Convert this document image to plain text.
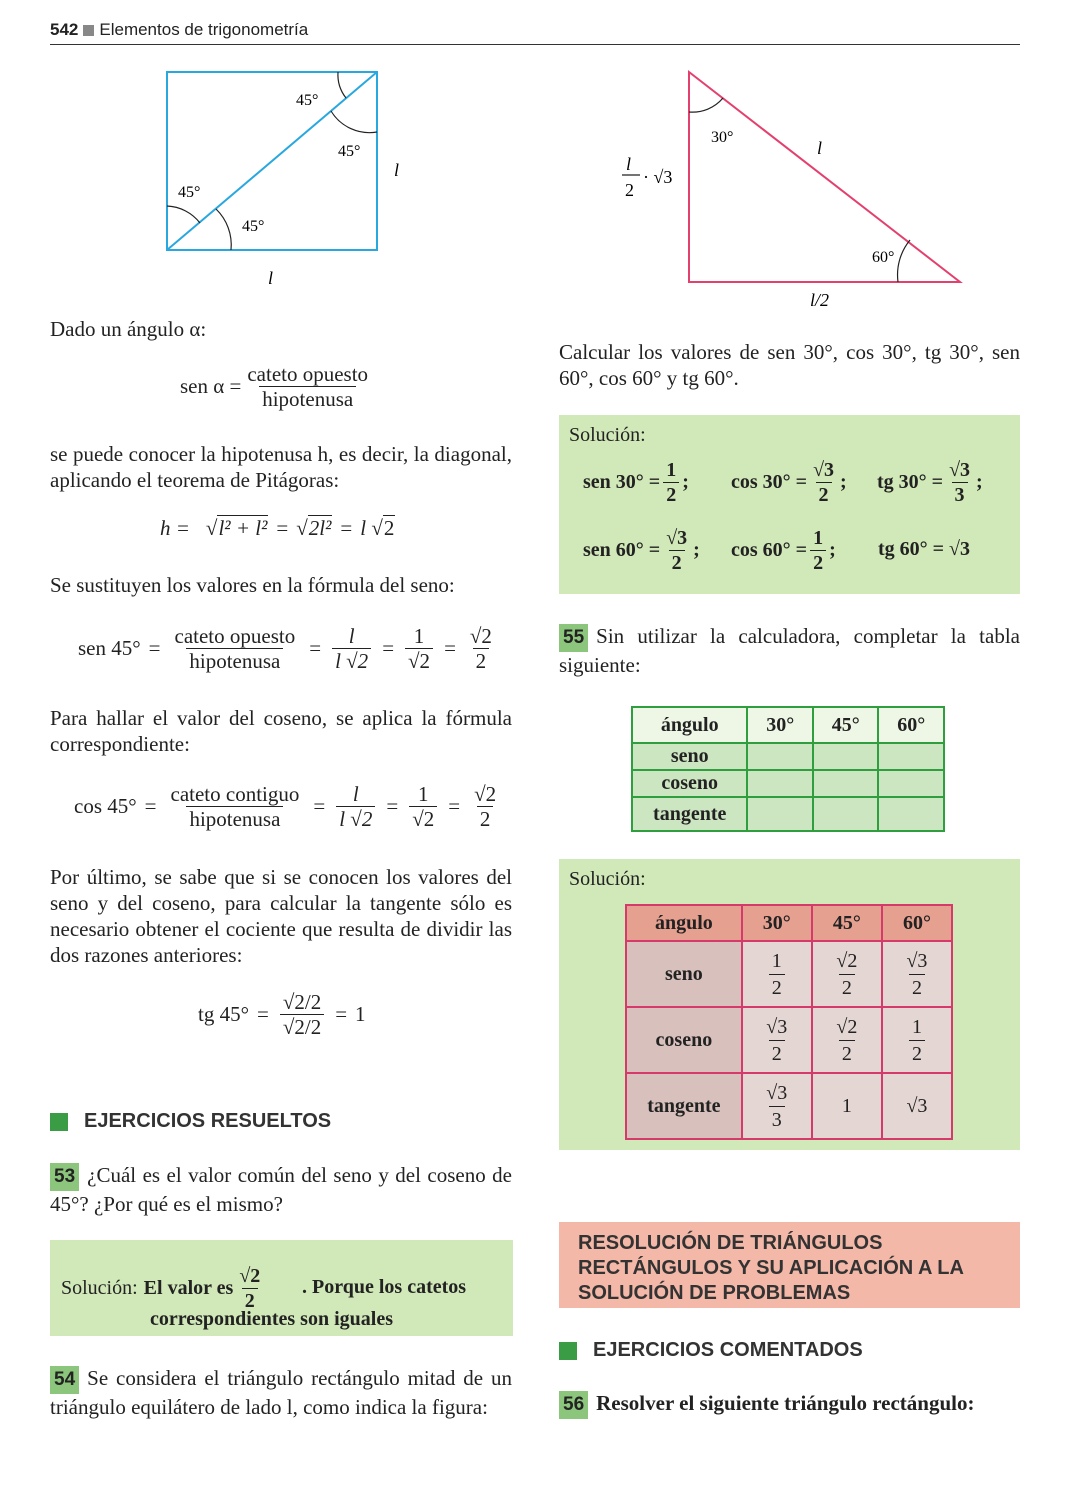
542 Elementos de trigonometría
45°
45°
45°
45°
l
l
30°
60°
l
l/2
l
2
· √3
Dado un ángulo α:
sen $\alpha = \frac{\text{cateto opuesto}}{\text{hipotenusa}}$
se puede conocer la hipotenusa h, es decir, la diagonal, aplicando el teorema de Pitágoras:
h = √l² + l² = √2l² = l √2
Se sustituyen los valores en la fórmula del seno:
sen $45^\circ = \frac{\text{cateto opuesto}}{\text{hipotenusa}} = \frac{l}{l √2} = \frac{1}{√2} = \frac{√2}{2}$
Para hallar el valor del coseno, se aplica la fórmula correspondiente:
$\cos 45^\circ = \frac{\text{cateto contiguo}}{\text{hipotenusa}} = \frac{l}{l √2} = \frac{1}{√2} = \frac{√2}{2}$
Por último, se sabe que si se conocen los valores del seno y del coseno, para calcular la tangente sólo es necesario obtener el cociente que resulta de dividir las dos razones anteriores:
tg $45^\circ = \frac{√2/2}{√2/2} = 1$
EJERCICIOS RESUELTOS
53 ¿Cuál es el valor común del seno y del coseno de 45°? ¿Por qué es el mismo?
Solución: El valor es $\frac{√2}{2}$	. Porque los catetos correspondientes son iguales
54 Se considera el triángulo rectángulo mitad de un triángulo equilátero de lado l, como indica la figura:
Calcular los valores de sen 30°, cos 30°, tg 30°, sen 60°, cos 60° y tg 60°.
Solución:
sen $30^\circ = \frac{1}{2}$ ; $\cos 30^\circ = \frac{√3}{2}$ ; tg $30^\circ = \frac{√3}{3}$ ;
sen $60^\circ = \frac{√3}{2}$ ; $\cos 60^\circ = \frac{1}{2}$ ; tg 60° = √3
55 Sin utilizar la calculadora, completar la tabla siguiente:
ángulo	30°	45°	60°
seno			
coseno			
tangente			
Solución:
ángulo	30°	45°	60°
seno	$\frac{1}{2}$	$\frac{√2}{2}$	$\frac{√3}{2}$

coseno	$\frac{√3}{2}$	$\frac{√2}{2}$	$\frac{1}{2}$

tangente	$\frac{√3}{3}$	1	√3
RESOLUCIÓN DE TRIÁNGULOS RECTÁNGULOS Y SU APLICACIÓN A LA SOLUCIÓN DE PROBLEMAS
EJERCICIOS COMENTADOS
56 Resolver el siguiente triángulo rectángulo:
